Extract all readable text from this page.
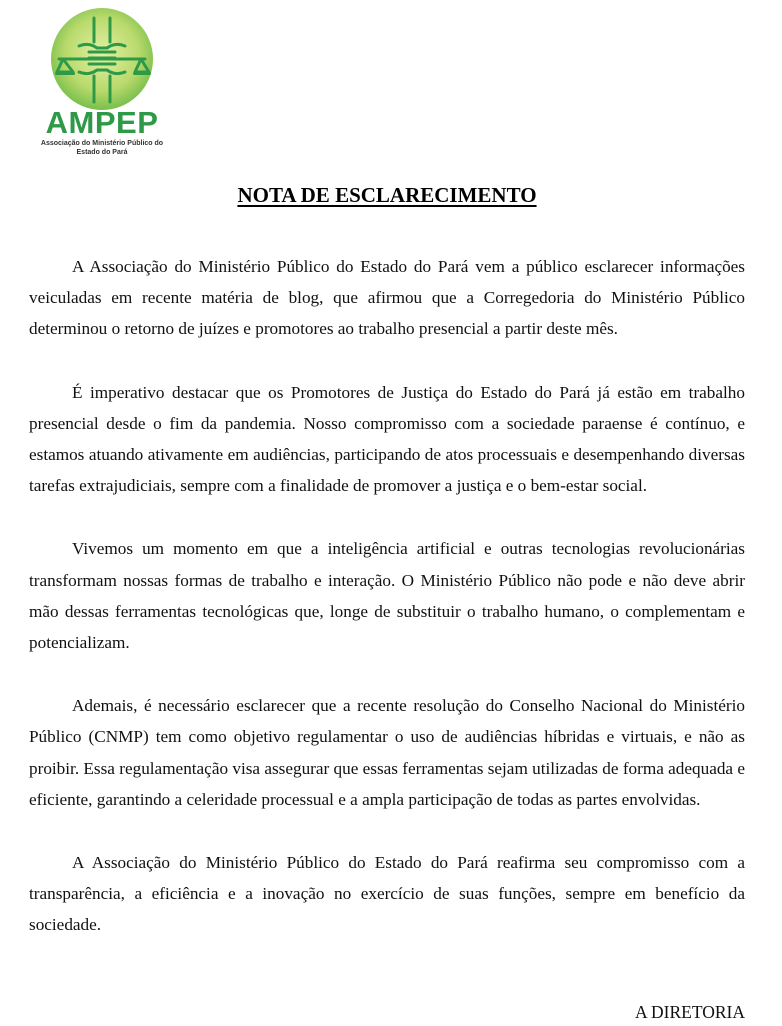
AMPEP
Associação do Ministério Público do Estado do Pará
NOTA DE ESCLARECIMENTO

A Associação do Ministério Público do Estado do Pará vem a público esclarecer informações veiculadas em recente matéria de blog, que afirmou que a Corregedoria do Ministério Público determinou o retorno de juízes e promotores ao trabalho presencial a partir deste mês.

É imperativo destacar que os Promotores de Justiça do Estado do Pará já estão em trabalho presencial desde o fim da pandemia. Nosso compromisso com a sociedade paraense é contínuo, e estamos atuando ativamente em audiências, participando de atos processuais e desempenhando diversas tarefas extrajudiciais, sempre com a finalidade de promover a justiça e o bem-estar social.

Vivemos um momento em que a inteligência artificial e outras tecnologias revolucionárias transformam nossas formas de trabalho e interação. O Ministério Público não pode e não deve abrir mão dessas ferramentas tecnológicas que, longe de substituir o trabalho humano, o complementam e potencializam.

Ademais, é necessário esclarecer que a recente resolução do Conselho Nacional do Ministério Público (CNMP) tem como objetivo regulamentar o uso de audiências híbridas e virtuais, e não as proibir. Essa regulamentação visa assegurar que essas ferramentas sejam utilizadas de forma adequada e eficiente, garantindo a celeridade processual e a ampla participação de todas as partes envolvidas.

A Associação do Ministério Público do Estado do Pará reafirma seu compromisso com a transparência, a eficiência e a inovação no exercício de suas funções, sempre em benefício da sociedade.

A DIRETORIA
